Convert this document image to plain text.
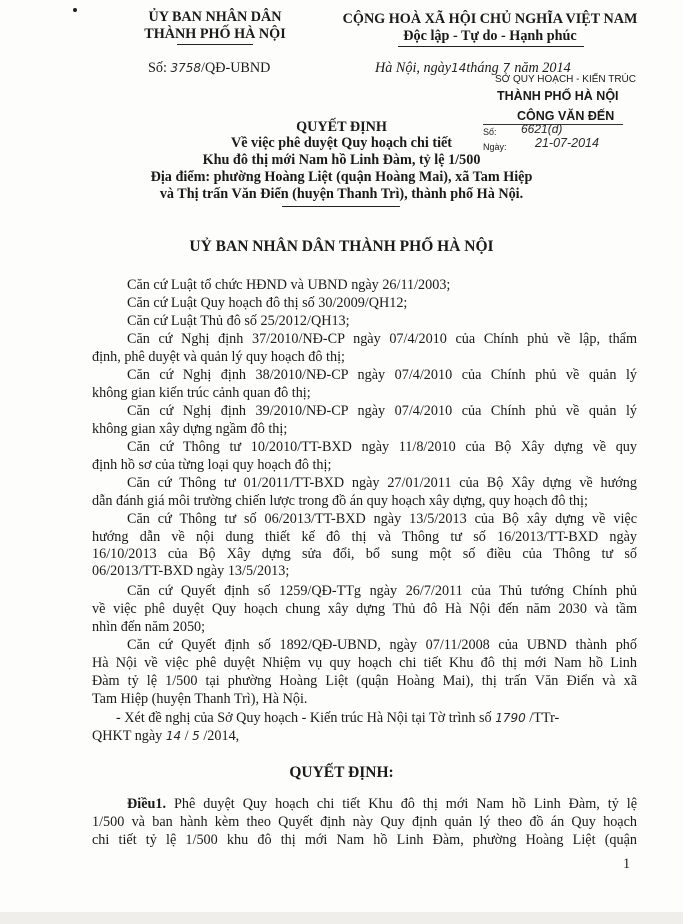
ỦY BAN NHÂN DÂN
THÀNH PHỐ HÀ NỘI
CỘNG HOÀ XÃ HỘI CHỦ NGHĨA VIỆT NAM
Độc lập - Tự do - Hạnh phúc
Số: 3758/QĐ-UBND	Hà Nội, ngày14tháng 7 năm 2014
SỞ QUY HOẠCH - KIẾN TRÚC
THÀNH PHỐ HÀ NỘI
CÔNG VĂN ĐẾN
Số: 6621(d)
Ngày: 21-07-2014
QUYẾT ĐỊNH
Về việc phê duyệt Quy hoạch chi tiết
Khu đô thị mới Nam hồ Linh Đàm, tỷ lệ 1/500
Địa điểm: phường Hoàng Liệt (quận Hoàng Mai), xã Tam Hiệp
và Thị trấn Văn Điển (huyện Thanh Trì), thành phố Hà Nội.
UỶ BAN NHÂN DÂN THÀNH PHỐ HÀ NỘI
Căn cứ Luật tổ chức HĐND và UBND ngày 26/11/2003;
Căn cứ Luật Quy hoạch đô thị số 30/2009/QH12;
Căn cứ Luật Thủ đô số 25/2012/QH13;
Căn cứ Nghị định 37/2010/NĐ-CP ngày 07/4/2010 của Chính phủ về lập, thẩm
định, phê duyệt và quản lý quy hoạch đô thị;
Căn cứ Nghị định 38/2010/NĐ-CP ngày 07/4/2010 của Chính phủ về quản lý
không gian kiến trúc cảnh quan đô thị;
Căn cứ Nghị định 39/2010/NĐ-CP ngày 07/4/2010 của Chính phủ về quản lý
không gian xây dựng ngầm đô thị;
Căn cứ Thông tư 10/2010/TT-BXD ngày 11/8/2010 của Bộ Xây dựng về quy
định hồ sơ của từng loại quy hoạch đô thị;
Căn cứ Thông tư 01/2011/TT-BXD ngày 27/01/2011 của Bộ Xây dựng về hướng
dẫn đánh giá môi trường chiến lược trong đồ án quy hoạch xây dựng, quy hoạch đô thị;
Căn cứ Thông tư số 06/2013/TT-BXD ngày 13/5/2013 của Bộ xây dựng về việc
hướng dẫn về nội dung thiết kế đô thị và Thông tư số 16/2013/TT-BXD ngày
16/10/2013 của Bộ Xây dựng sửa đổi, bổ sung một số điều của Thông tư số
06/2013/TT-BXD ngày 13/5/2013;
Căn cứ Quyết định số 1259/QĐ-TTg ngày 26/7/2011 của Thủ tướng Chính phủ
về việc phê duyệt Quy hoạch chung xây dựng Thủ đô Hà Nội đến năm 2030 và tầm
nhìn đến năm 2050;
Căn cứ Quyết định số 1892/QĐ-UBND, ngày 07/11/2008 của UBND thành phố
Hà Nội về việc phê duyệt Nhiệm vụ quy hoạch chi tiết Khu đô thị mới Nam hồ Linh
Đàm tỷ lệ 1/500 tại phường Hoàng Liệt (quận Hoàng Mai), thị trấn Văn Điển và xã
Tam Hiệp (huyện Thanh Trì), Hà Nội.
- Xét đề nghị của Sở Quy hoạch - Kiến trúc Hà Nội tại Tờ trình số 1790 /TTr-
QHKT ngày 14 / 5 /2014,
QUYẾT ĐỊNH:
Điều1. Phê duyệt Quy hoạch chi tiết Khu đô thị mới Nam hồ Linh Đàm, tỷ lệ
1/500 và ban hành kèm theo Quyết định này Quy định quản lý theo đồ án Quy hoạch
chi tiết tỷ lệ 1/500 khu đô thị mới Nam hồ Linh Đàm, phường Hoàng Liệt (quận
1
